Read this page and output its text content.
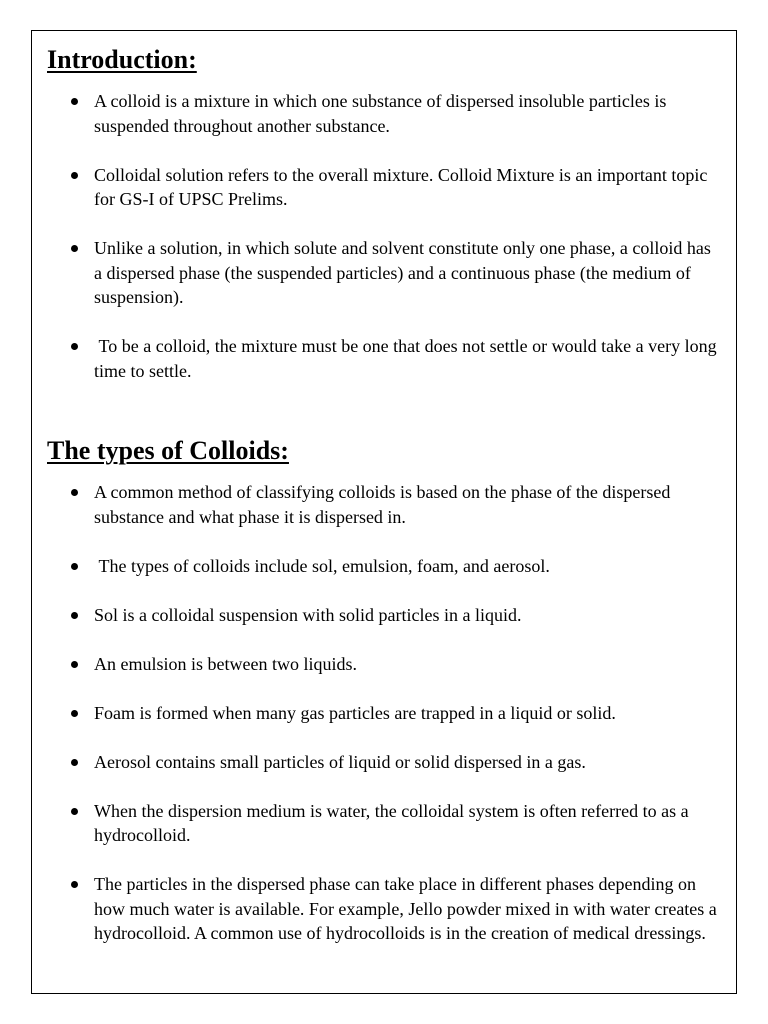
Introduction:
A colloid is a mixture in which one substance of dispersed insoluble particles is suspended throughout another substance.
Colloidal solution refers to the overall mixture. Colloid Mixture is an important topic for GS-I of UPSC Prelims.
Unlike a solution, in which solute and solvent constitute only one phase, a colloid has a dispersed phase (the suspended particles) and a continuous phase (the medium of suspension).
To be a colloid, the mixture must be one that does not settle or would take a very long time to settle.
The types of Colloids:
A common method of classifying colloids is based on the phase of the dispersed substance and what phase it is dispersed in.
The types of colloids include sol, emulsion, foam, and aerosol.
Sol is a colloidal suspension with solid particles in a liquid.
An emulsion is between two liquids.
Foam is formed when many gas particles are trapped in a liquid or solid.
Aerosol contains small particles of liquid or solid dispersed in a gas.
When the dispersion medium is water, the colloidal system is often referred to as a hydrocolloid.
The particles in the dispersed phase can take place in different phases depending on how much water is available. For example, Jello powder mixed in with water creates a hydrocolloid. A common use of hydrocolloids is in the creation of medical dressings.
